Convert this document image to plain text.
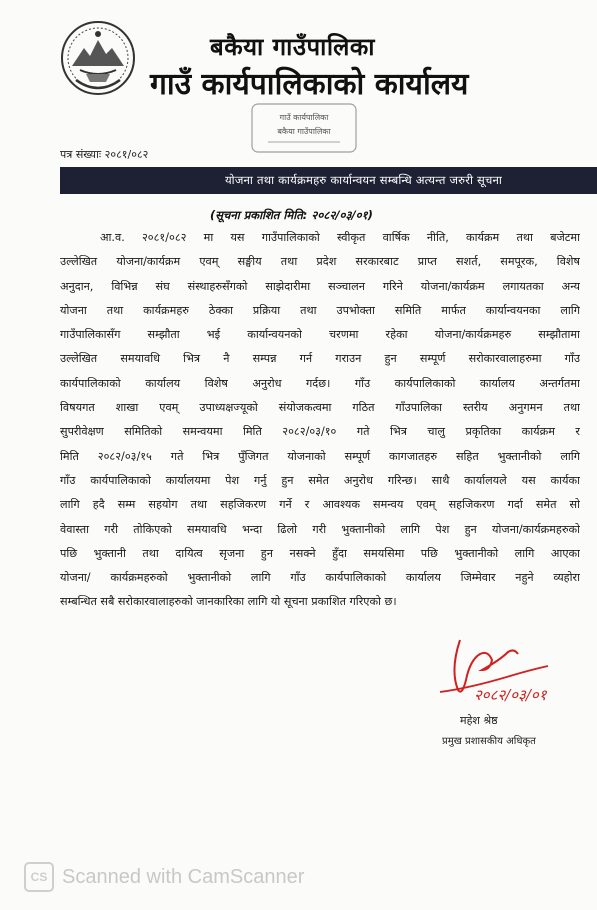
बकैया गाउँपालिका
गाउँ कार्यपालिकाको कार्यालय
गाउँ कार्यपालिका
बकैया गाउँपालिका
पत्र संख्याः २०८१/०८२
योजना तथा कार्यक्रमहरु कार्यान्वयन सम्बन्धि अत्यन्त जरुरी सूचना
(सूचना प्रकाशित मिति: २०८२/०३/०१)
आ.व. २०८१/०८२ मा यस गाउँपालिकाको स्वीकृत वार्षिक नीति, कार्यक्रम तथा बजेटमा
उल्लेखित योजना/कार्यक्रम एवम् सङ्घीय तथा प्रदेश सरकारबाट प्राप्त सशर्त, समपूरक, विशेष
अनुदान, विभिन्न संघ संस्थाहरुसँगको साझेदारीमा सञ्चालन गरिने योजना/कार्यक्रम लगायतका अन्य
योजना तथा कार्यक्रमहरु ठेक्का प्रक्रिया तथा उपभोक्ता समिति मार्फत कार्यान्वयनका लागि
गाउँपालिकासँग सम्झौता भई कार्यान्वयनको चरणमा रहेका योजना/कार्यक्रमहरु सम्झौतामा
उल्लेखित समयावधि भित्र नै सम्पन्न गर्न गराउन हुन सम्पूर्ण सरोकारवालाहरुमा गाँउ
कार्यपालिकाको कार्यालय विशेष अनुरोध गर्दछ। गाँउ कार्यपालिकाको कार्यालय अन्तर्गतमा
विषयगत शाखा एवम् उपाध्यक्षज्यूको संयोजकत्वमा गठित गाँउपालिका स्तरीय अनुगमन तथा
सुपरीवेक्षण समितिको समन्वयमा मिति २०८२/०३/१० गते भित्र चालु प्रकृतिका कार्यक्रम र
मिति २०८२/०३/१५ गते भित्र पुँजिगत योजनाको सम्पूर्ण कागजातहरु सहित भुक्तानीको लागि
गाँउ कार्यपालिकाको कार्यालयमा पेश गर्नु हुन समेत अनुरोध गरिन्छ। साथै कार्यालयले यस कार्यका
लागि हदै सम्म सहयोग तथा सहजिकरण गर्ने र आवश्यक समन्वय एवम् सहजिकरण गर्दा समेत सो
वेवास्ता गरी तोकिएको समयावधि भन्दा ढिलो गरी भुक्तानीको लागि पेश हुन योजना/कार्यक्रमहरुको
पछि भुक्तानी तथा दायित्व सृजना हुन नसक्ने हुँदा समयसिमा पछि भुक्तानीको लागि आएका
योजना/ कार्यक्रमहरुको भुक्तानीको लागि गाँउ कार्यपालिकाको कार्यालय जिम्मेवार नहुने व्यहोरा
सम्बन्धित सबै सरोकारवालाहरुको जानकारिका लागि यो सूचना प्रकाशित गरिएको छ।
२०८२/०३/०१
महेश श्रेष्ठ
प्रमुख प्रशासकीय अधिकृत
CS Scanned with CamScanner
